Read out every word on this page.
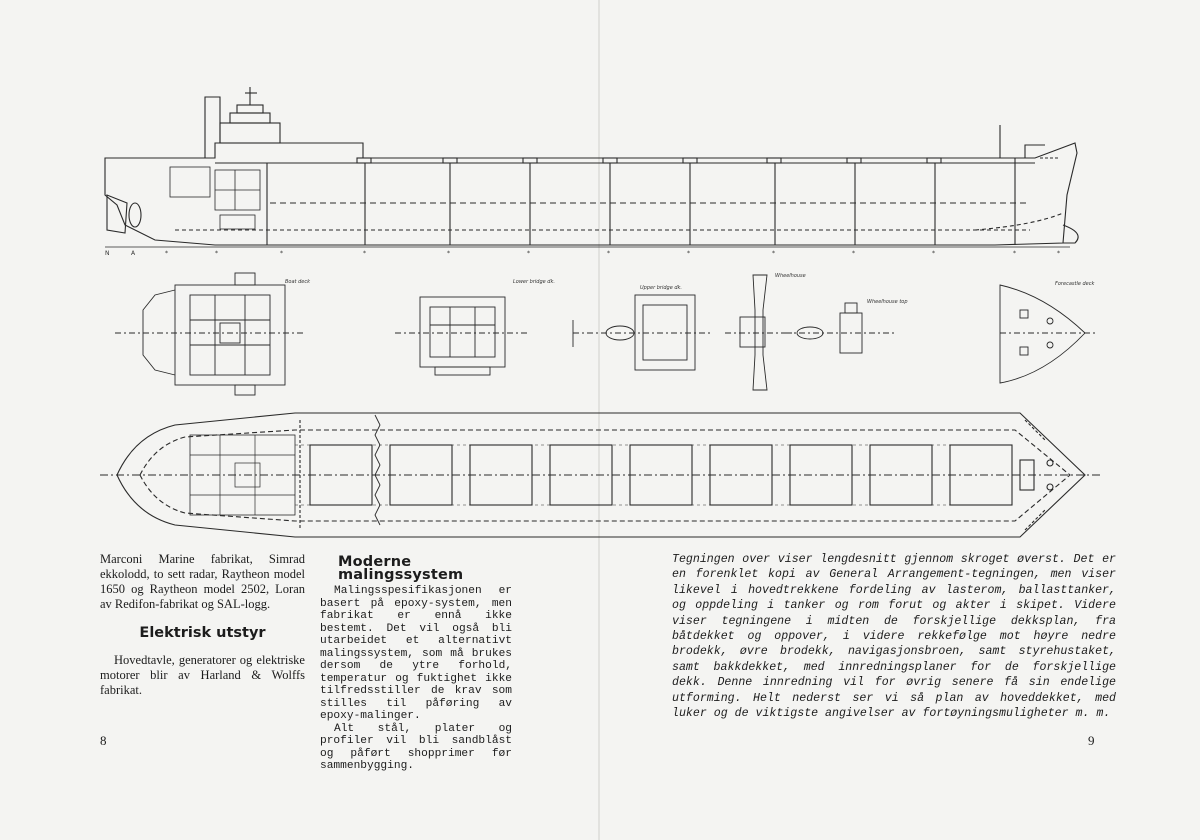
N	A	*	*	*	*	*	*	*	*	*	*	*	*	*
Boat deck	Lower bridge dk.
Upper bridge dk.
Wheelhouse
Wheelhouse top
Forecastle deck

Marconi Marine fabrikat, Simrad ekkolodd, to sett radar, Raytheon model 1650 og Raytheon model 2502, Loran av Redifon-fabrikat og SAL-logg.

Elektrisk utstyr

Hovedtavle, generatorer og elektriske motorer blir av Harland & Wolffs fabrikat.

Moderne malingssystem

Malingsspesifikasjonen er basert på epoxy-system, men fabrikat er ennå ikke bestemt. Det vil også bli utarbeidet et alternativt malingssystem, som må brukes dersom de ytre forhold, temperatur og fuktighet ikke tilfredsstiller de krav som stilles til påføring av epoxy-malinger.

Alt stål, plater og profiler vil bli sandblåst og påført shopprimer før sammenbygging.

8

Tegningen over viser lengdesnitt gjennom skroget øverst. Det er en forenklet kopi av General Arrangement-tegningen, men viser likevel i hovedtrekkene fordeling av lasterom, ballasttanker, og oppdeling i tanker og rom forut og akter i skipet. Videre viser tegningene i midten de forskjellige dekksplan, fra båtdekket og oppover, i videre rekkefølge mot høyre nedre brodekk, øvre brodekk, navigasjonsbroen, samt styrehustaket, samt bakkdekket, med innredningsplaner for de forskjellige dekk. Denne innredning vil for øvrig senere få sin endelige utforming. Helt nederst ser vi så plan av hoveddekket, med luker og de viktigste angivelser av fortøyningsmuligheter m. m.

9
